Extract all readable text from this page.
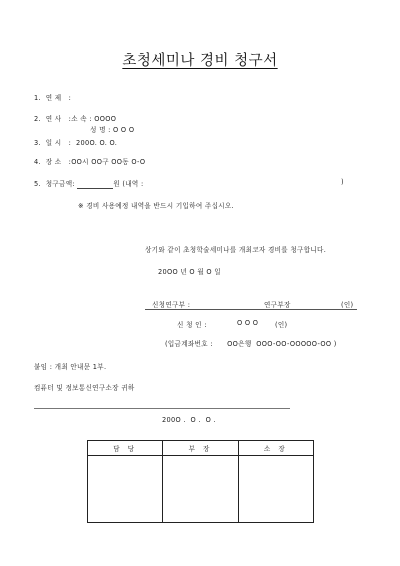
초청세미나 경비 청구서
1. 연 제 :
2. 연 사 :소 속 : OOOO
성 명 : O O O
3. 일 시 : 200O. O. O.
4. 장 소 :OO시 OO구 OO동 O-O
5. 청구금액:	원 (내역 :	)
※ 경비 사용예정 내역을 반드시 기입하여 주십시오.
상기와 같이 초청학술세미나를 개최코자 경비를 청구합니다.
20OO 년 O 월 O 일
신청연구부 :	연구부장	(인)
신 청 인 :	O O O	(인)
(입금계좌번호 :      OO은행  OOO-OO-OOOOO-OO )
붙임 : 개최 안내문 1부.
컴퓨터 및 정보통신연구소장 귀하
200O .  O .  O .
담 당	부 장	소 장
